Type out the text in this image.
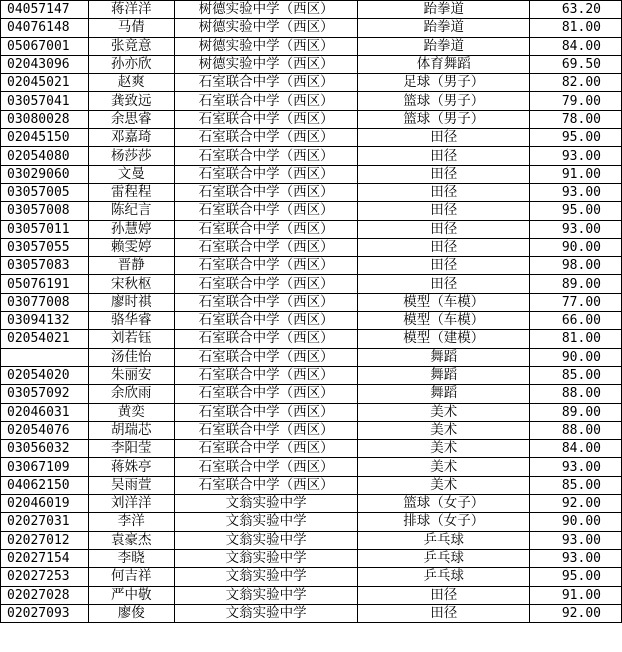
04057147	蒋洋洋	树德实验中学（西区）	跆拳道	63.20
04076148	马倩	树德实验中学（西区）	跆拳道	81.00
05067001	张竟意	树德实验中学（西区）	跆拳道	84.00
02043096	孙亦欣	树德实验中学（西区）	体育舞蹈	69.50
02045021	赵爽	石室联合中学（西区）	足球（男子）	82.00
03057041	龚致远	石室联合中学（西区）	篮球（男子）	79.00
03080028	余思睿	石室联合中学（西区）	篮球（男子）	78.00
02045150	邓嘉琦	石室联合中学（西区）	田径	95.00
02054080	杨莎莎	石室联合中学（西区）	田径	93.00
03029060	文曼	石室联合中学（西区）	田径	91.00
03057005	雷程程	石室联合中学（西区）	田径	93.00
03057008	陈纪言	石室联合中学（西区）	田径	95.00
03057011	孙慧婷	石室联合中学（西区）	田径	93.00
03057055	赖雯婷	石室联合中学（西区）	田径	90.00
03057083	晋静	石室联合中学（西区）	田径	98.00
05076191	宋秋枢	石室联合中学（西区）	田径	89.00
03077008	廖时祺	石室联合中学（西区）	模型（车模）	77.00
03094132	骆华睿	石室联合中学（西区）	模型（车模）	66.00
02054021	刘若钰	石室联合中学（西区）	模型（建模）	81.00
	汤佳怡	石室联合中学（西区）	舞蹈	90.00
02054020	朱丽安	石室联合中学（西区）	舞蹈	85.00
03057092	余欣雨	石室联合中学（西区）	舞蹈	88.00
02046031	黄奕	石室联合中学（西区）	美术	89.00
02054076	胡瑞芯	石室联合中学（西区）	美术	88.00
03056032	李阳莹	石室联合中学（西区）	美术	84.00
03067109	蒋姝亭	石室联合中学（西区）	美术	93.00
04062150	吴雨萱	石室联合中学（西区）	美术	85.00
02046019	刘洋洋	文翁实验中学	篮球（女子）	92.00
02027031	李洋	文翁实验中学	排球（女子）	90.00
02027012	袁豪杰	文翁实验中学	乒乓球	93.00
02027154	李晓	文翁实验中学	乒乓球	93.00
02027253	何吉祥	文翁实验中学	乒乓球	95.00
02027028	严中敬	文翁实验中学	田径	91.00
02027093	廖俊	文翁实验中学	田径	92.00
